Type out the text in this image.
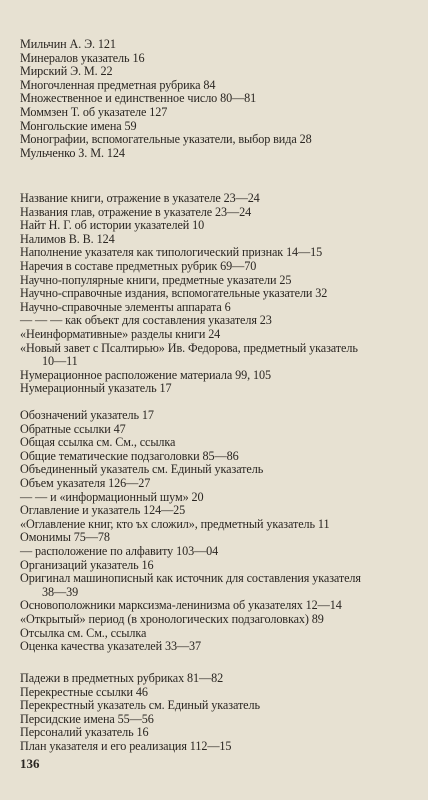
Мильчин А. Э. 121
Минералов указатель 16
Мирский Э. М. 22
Многочленная предметная рубрика 84
Множественное и единственное число 80—81
Моммзен Т. об указателе 127
Монгольские имена 59
Монографии, вспомогательные указатели, выбор вида 28
Мульченко З. М. 124
Название книги, отражение в указателе 23—24
Названия глав, отражение в указателе 23—24
Найт Н. Г. об истории указателей 10
Налимов В. В. 124
Наполнение указателя как типологический признак 14—15
Наречия в составе предметных рубрик 69—70
Научно-популярные книги, предметные указатели 25
Научно-справочные издания, вспомогательные указатели 32
Научно-справочные элементы аппарата 6
— — — как объект для составления указателя 23
«Неинформативные» разделы книги 24
«Новый завет с Псалтирью» Ив. Федорова, предметный указатель
10—11
Нумерационное расположение материала 99, 105
Нумерационный указатель 17
Обозначений указатель 17
Обратные ссылки 47
Общая ссылка см. См., ссылка
Общие тематические подзаголовки 85—86
Объединенный указатель см. Единый указатель
Объем указателя 126—27
— — и «информационный шум» 20
Оглавление и указатель 124—25
«Оглавление книг, кто ъх сложил», предметный указатель 11
Омонимы 75—78
— расположение по алфавиту 103—04
Организаций указатель 16
Оригинал машинописный как источник для составления указателя
38—39
Основоположники марксизма-ленинизма об указателях 12—14
«Открытый» период (в хронологических подзаголовках) 89
Отсылка см. См., ссылка
Оценка качества указателей 33—37
Падежи в предметных рубриках 81—82
Перекрестные ссылки 46
Перекрестный указатель см. Единый указатель
Персидские имена 55—56
Персоналий указатель 16
План указателя и его реализация 112—15
136
